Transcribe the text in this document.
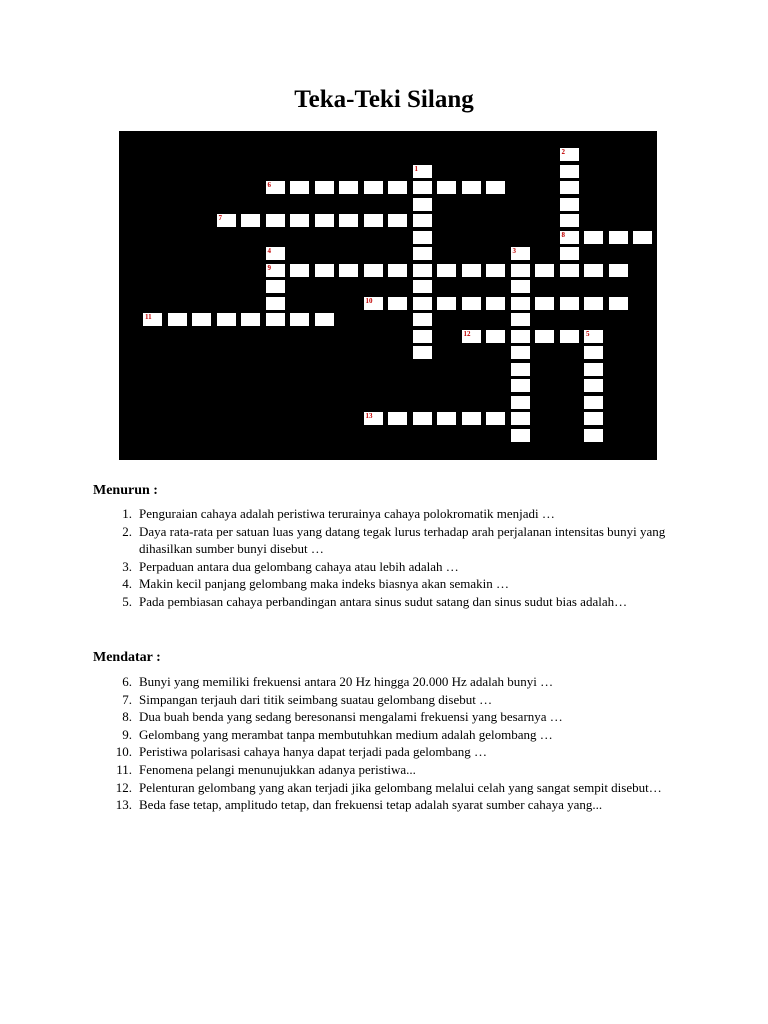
Teka-Teki Silang
1
2
3
4
5
6
7
8
9
10
11
12
13
Menurun :
1. Penguraian cahaya adalah peristiwa terurainya cahaya polokromatik menjadi …
2. Daya rata-rata per satuan luas yang datang tegak lurus terhadap arah perjalanan intensitas bunyi yang dihasilkan sumber bunyi disebut …
3. Perpaduan antara dua gelombang cahaya atau lebih adalah …
4. Makin kecil panjang gelombang maka indeks biasnya akan semakin …
5. Pada pembiasan cahaya perbandingan antara sinus sudut satang dan sinus sudut bias adalah…
Mendatar :
6. Bunyi yang memiliki frekuensi antara 20 Hz hingga 20.000 Hz adalah bunyi …
7. Simpangan terjauh dari titik seimbang suatau gelombang disebut …
8. Dua buah benda yang sedang beresonansi mengalami frekuensi yang besarnya …
9. Gelombang yang merambat tanpa membutuhkan medium adalah gelombang …
10. Peristiwa polarisasi cahaya hanya dapat terjadi pada gelombang …
11. Fenomena pelangi menunujukkan adanya peristiwa...
12. Pelenturan gelombang yang akan terjadi jika gelombang melalui celah yang sangat sempit disebut…
13. Beda fase tetap, amplitudo tetap, dan frekuensi tetap adalah syarat sumber cahaya yang...
